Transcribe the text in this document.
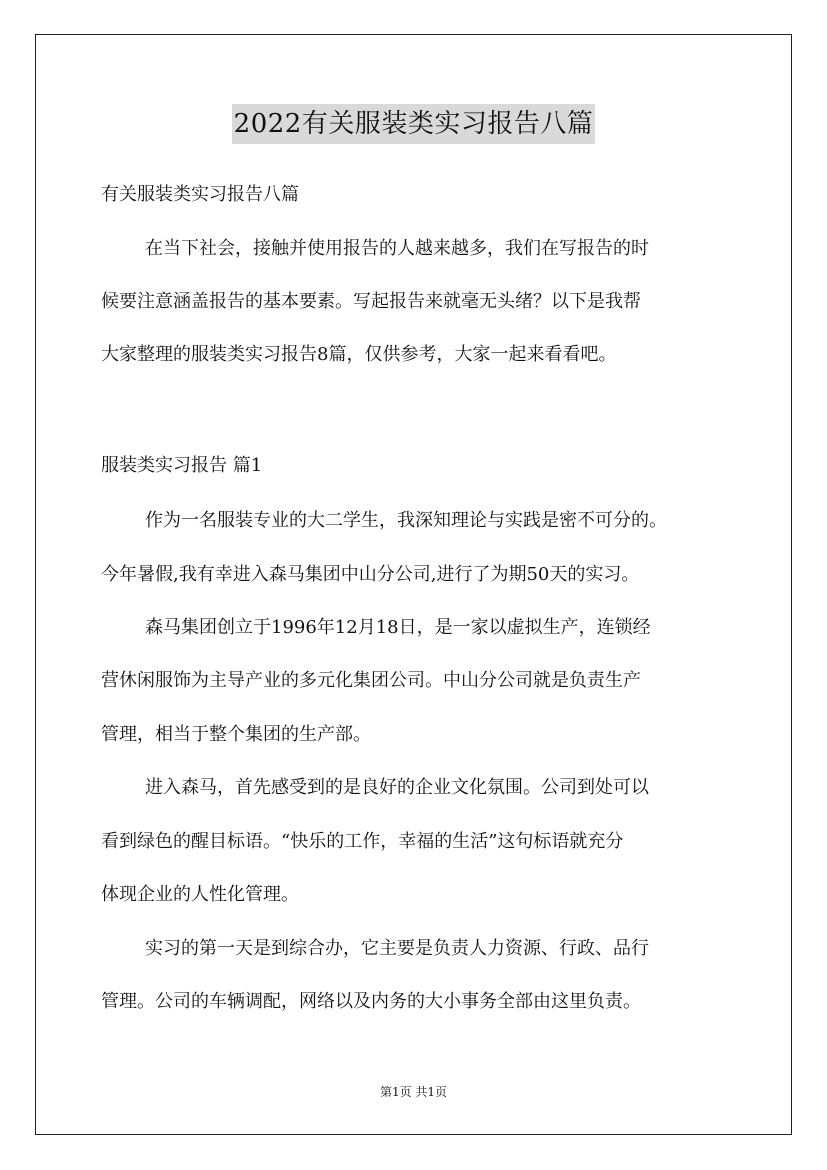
2022有关服装类实习报告八篇
有关服装类实习报告八篇
在当下社会，接触并使用报告的人越来越多，我们在写报告的时
候要注意涵盖报告的基本要素。写起报告来就毫无头绪？以下是我帮
大家整理的服装类实习报告8篇，仅供参考，大家一起来看看吧。
服装类实习报告 篇1
作为一名服装专业的大二学生，我深知理论与实践是密不可分的。
今年暑假,我有幸进入森马集团中山分公司,进行了为期50天的实习。
森马集团创立于1996年12月18日，是一家以虚拟生产，连锁经
营休闲服饰为主导产业的多元化集团公司。中山分公司就是负责生产
管理，相当于整个集团的生产部。
进入森马，首先感受到的是良好的企业文化氛围。公司到处可以
看到绿色的醒目标语。“快乐的工作，幸福的生活”这句标语就充分
体现企业的人性化管理。
实习的第一天是到综合办，它主要是负责人力资源、行政、品行
管理。公司的车辆调配，网络以及内务的大小事务全部由这里负责。
第1页 共1页
